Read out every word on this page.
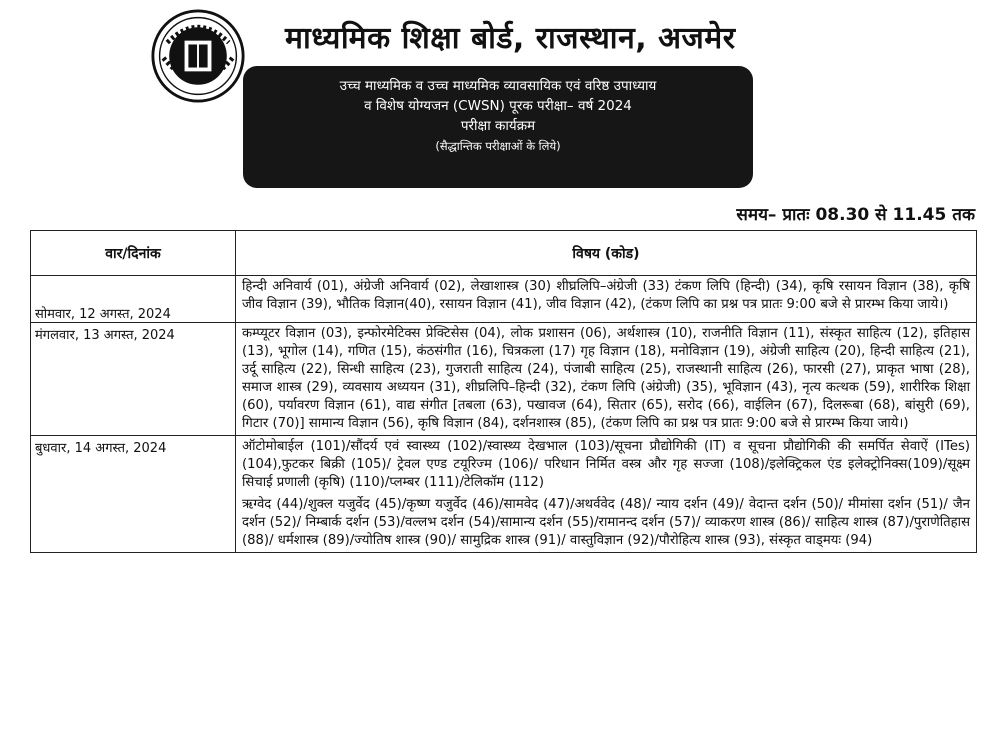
माध्यमिक शिक्षा बोर्ड, राजस्थान, अजमेर
उच्च माध्यमिक व उच्च माध्यमिक व्यावसायिक एवं वरिष्ठ उपाध्याय
व विशेष योग्यजन (CWSN) पूरक परीक्षा– वर्ष 2024
परीक्षा कार्यक्रम
(सैद्धान्तिक परीक्षाओं के लिये)
समय– प्रातः 08.30 से 11.45 तक
वार/दिनांक	विषय (कोड)
सोमवार, 12 अगस्त, 2024	हिन्दी अनिवार्य (01), अंग्रेजी अनिवार्य (02), लेखाशास्त्र (30) शीघ्रलिपि–अंग्रेजी (33) टंकण लिपि (हिन्दी) (34), कृषि रसायन विज्ञान (38), कृषि जीव विज्ञान (39), भौतिक विज्ञान(40), रसायन विज्ञान (41), जीव विज्ञान (42), (टंकण लिपि का प्रश्न पत्र प्रातः 9:00 बजे से प्रारम्भ किया जाये।)

मंगलवार, 13 अगस्त, 2024	कम्प्यूटर विज्ञान (03), इन्फोरमेटिक्स प्रेक्टिसेस (04), लोक प्रशासन (06), अर्थशास्त्र (10), राजनीति विज्ञान (11), संस्कृत साहित्य (12), इतिहास (13), भूगोल (14), गणित (15), कंठसंगीत (16), चित्रकला (17) गृह विज्ञान (18), मनोविज्ञान (19), अंग्रेजी साहित्य (20), हिन्दी साहित्य (21), उर्दू साहित्य (22), सिन्धी साहित्य (23), गुजराती साहित्य (24), पंजाबी साहित्य (25), राजस्थानी साहित्य (26), फारसी (27), प्राकृत भाषा (28), समाज शास्त्र (29), व्यवसाय अध्ययन (31), शीघ्रलिपि–हिन्दी (32), टंकण लिपि (अंग्रेजी) (35), भूविज्ञान (43), नृत्य कत्थक (59), शारीरिक शिक्षा (60), पर्यावरण विज्ञान (61), वाद्य संगीत [तबला (63), पखावज (64), सितार (65), सरोद (66), वाईलिन (67), दिलरूबा (68), बांसुरी (69), गिटार (70)] सामान्य विज्ञान (56), कृषि विज्ञान (84), दर्शनशास्त्र (85), (टंकण लिपि का प्रश्न पत्र प्रातः 9:00 बजे से प्रारम्भ किया जाये।)

बुधवार, 14 अगस्त, 2024	ऑटोमोबाईल (101)/सौंदर्य एवं स्वास्थ्य (102)/स्वास्थ्य देखभाल (103)/सूचना प्रौद्योगिकी (IT) व सूचना प्रौद्योगिकी की समर्पित सेवाऐं (ITes)(104),फुटकर बिक्री (105)/ ट्रेवल एण्ड टयूरिज्म (106)/ परिधान निर्मित वस्त्र और गृह सज्जा (108)/इलेक्ट्रिकल एंड इलेक्ट्रोनिक्स(109)/सूक्ष्म सिचाई प्रणाली (कृषि) (110)/प्लम्बर (111)/टेलिकॉम (112)

ऋग्वेद (44)/शुक्ल यजुर्वेद (45)/कृष्ण यजुर्वेद (46)/सामवेद (47)/अथर्ववेद (48)/ न्याय दर्शन (49)/ वेदान्त दर्शन (50)/ मीमांसा दर्शन (51)/ जैन दर्शन (52)/ निम्बार्क दर्शन (53)/वल्लभ दर्शन (54)/सामान्य दर्शन (55)/रामानन्द दर्शन (57)/ व्याकरण शास्त्र (86)/ साहित्य शास्त्र (87)/पुराणेतिहास (88)/ धर्मशास्त्र (89)/ज्योतिष शास्त्र (90)/ सामुद्रिक शास्त्र (91)/ वास्तुविज्ञान (92)/पौरोहित्य शास्त्र (93), संस्कृत वाड्मयः (94)
